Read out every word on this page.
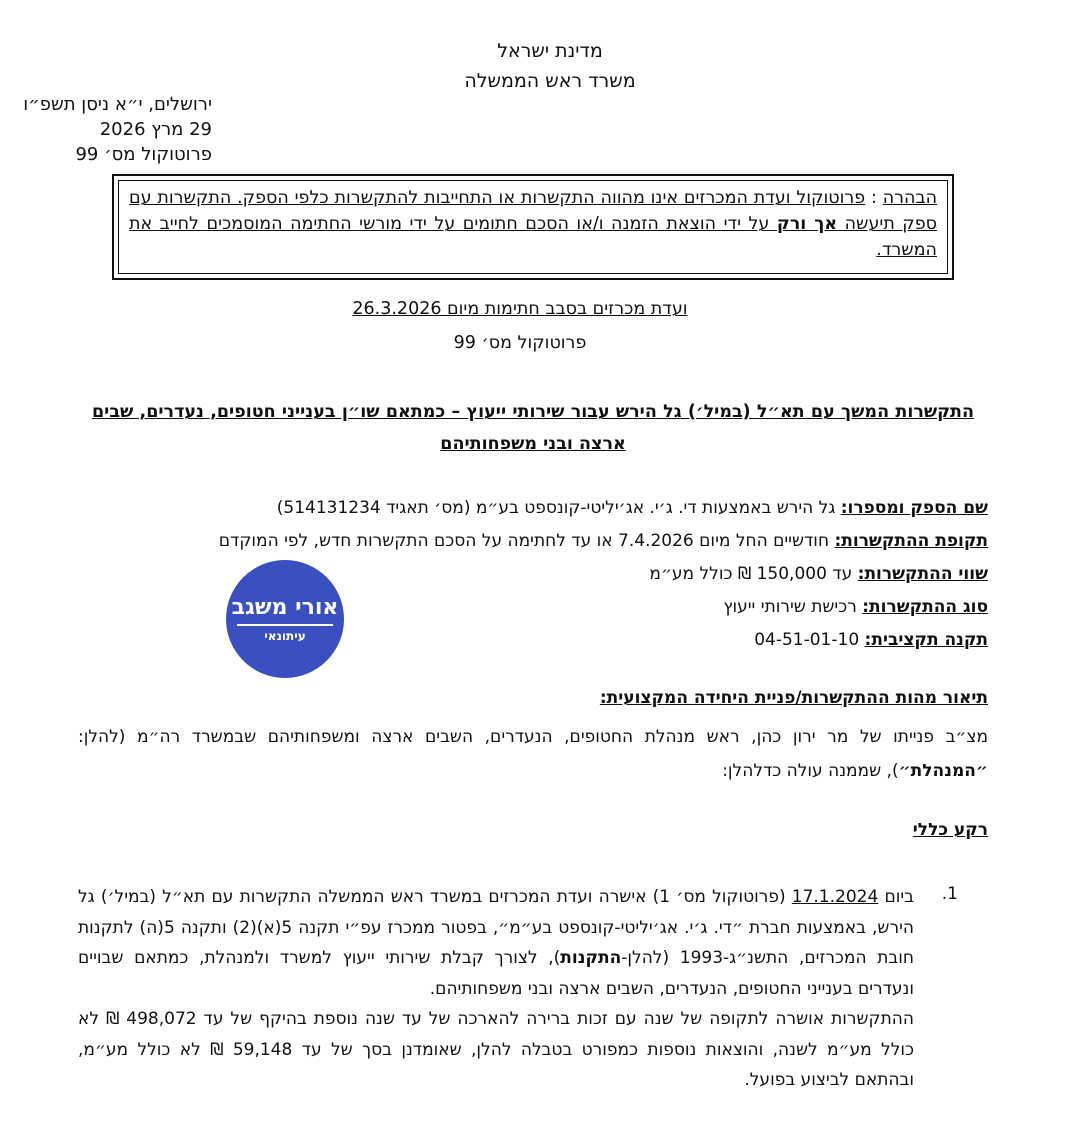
מדינת ישראל
משרד ראש הממשלה
ירושלים, י״א ניסן תשפ״ו
29 מרץ 2026
פרוטוקול מס׳ 99
הבהרה : פרוטוקול ועדת המכרזים אינו מהווה התקשרות או התחייבות להתקשרות כלפי הספק. התקשרות עם ספק תיעשה אך ורק על ידי הוצאת הזמנה ו/או הסכם חתומים על ידי מורשי החתימה המוסמכים לחייב את המשרד.
ועדת מכרזים בסבב חתימות מיום 26.3.2026
פרוטוקול מס׳ 99
התקשרות המשך עם תא״ל (במיל׳) גל הירש עבור שירותי ייעוץ – כמתאם שו״ן בענייני חטופים, נעדרים, שבים ארצה ובני משפחותיהם
שם הספק ומספרו: גל הירש באמצעות די. ג׳י. אג׳יליטי-קונספט בע״מ (מס׳ תאגיד 514131234)
תקופת ההתקשרות: חודשיים החל מיום 7.4.2026 או עד לחתימה על הסכם התקשרות חדש, לפי המוקדם
שווי ההתקשרות: עד 150,000 ₪ כולל מע״מ
סוג ההתקשרות: רכישת שירותי ייעוץ
תקנה תקציבית: 04-51-01-10
אורי משגב
עיתונאי
תיאור מהות ההתקשרות/פניית היחידה המקצועית:
מצ״ב פנייתו של מר ירון כהן, ראש מנהלת החטופים, הנעדרים, השבים ארצה ומשפחותיהם שבמשרד רה״מ (להלן: ״המנהלת״), שממנה עולה כדלהלן:
רקע כללי
1.

ביום 17.1.2024 (פרוטוקול מס׳ 1) אישרה ועדת המכרזים במשרד ראש הממשלה התקשרות עם תא״ל (במיל׳) גל הירש, באמצעות חברת ״די. ג׳י. אג׳יליטי-קונספט בע״מ״, בפטור ממכרז עפ״י תקנה 5(א)(2) ותקנה 5(ה) לתקנות חובת המכרזים, התשנ״ג-1993 (להלן-התקנות), לצורך קבלת שירותי ייעוץ למשרד ולמנהלת, כמתאם שבויים ונעדרים בענייני החטופים, הנעדרים, השבים ארצה ובני משפחותיהם.

ההתקשרות אושרה לתקופה של שנה עם זכות ברירה להארכה של עד שנה נוספת בהיקף של עד 498,072 ₪ לא כולל מע״מ לשנה, והוצאות נוספות כמפורט בטבלה להלן, שאומדנן בסך של עד 59,148 ₪ לא כולל מע״מ, ובהתאם לביצוע בפועל.
